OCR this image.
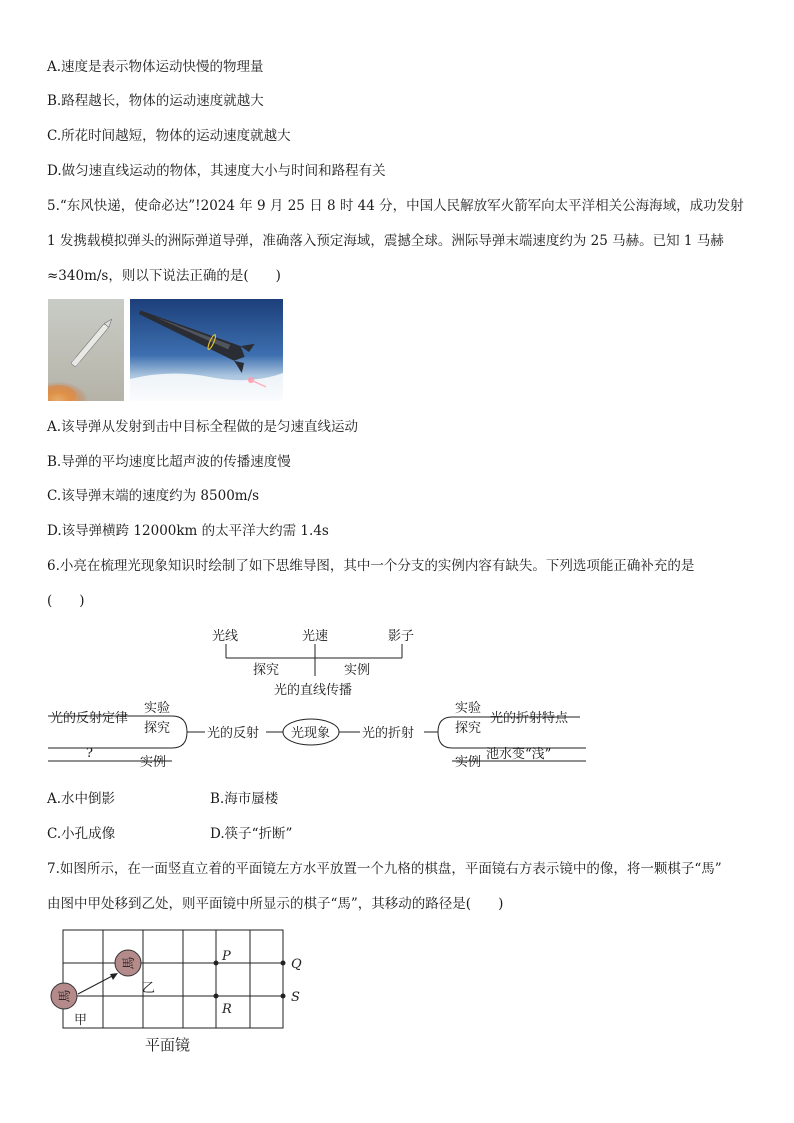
A.速度是表示物体运动快慢的物理量
B.路程越长，物体的运动速度就越大
C.所花时间越短，物体的运动速度就越大
D.做匀速直线运动的物体，其速度大小与时间和路程有关
5.“东风快递，使命必达”!2024 年 9 月 25 日 8 时 44 分，中国人民解放军火箭军向太平洋相关公海海域，成功发射
1 发携载模拟弹头的洲际弹道导弹，准确落入预定海域，震撼全球。洲际导弹末端速度约为 25 马赫。已知 1 马赫
≈340m/s，则以下说法正确的是(　　)
A.该导弹从发射到击中目标全程做的是匀速直线运动
B.导弹的平均速度比超声波的传播速度慢
C.该导弹末端的速度约为 8500m/s
D.该导弹横跨 12000km 的太平洋大约需 1.4s
6.小亮在梳理光现象知识时绘制了如下思维导图，其中一个分支的实例内容有缺失。下列选项能正确补充的是
(　　)
光线	光速	影子
探究	实例
光的直线传播
光现象
光的反射	光的折射
光的反射定律
实验
探究
?
实例
实验
探究
光的折射特点
实例
池水变“浅”
A.水中倒影	B.海市蜃楼
C.小孔成像	D.筷子“折断”
7.如图所示，在一面竖直立着的平面镜左方水平放置一个九格的棋盘，平面镜右方表示镜中的像，将一颗棋子“馬”
由图中甲处移到乙处，则平面镜中所显示的棋子“馬”，其移动的路径是(　　)
馬
馬
甲
乙
P
Q
R
S
平面镜
